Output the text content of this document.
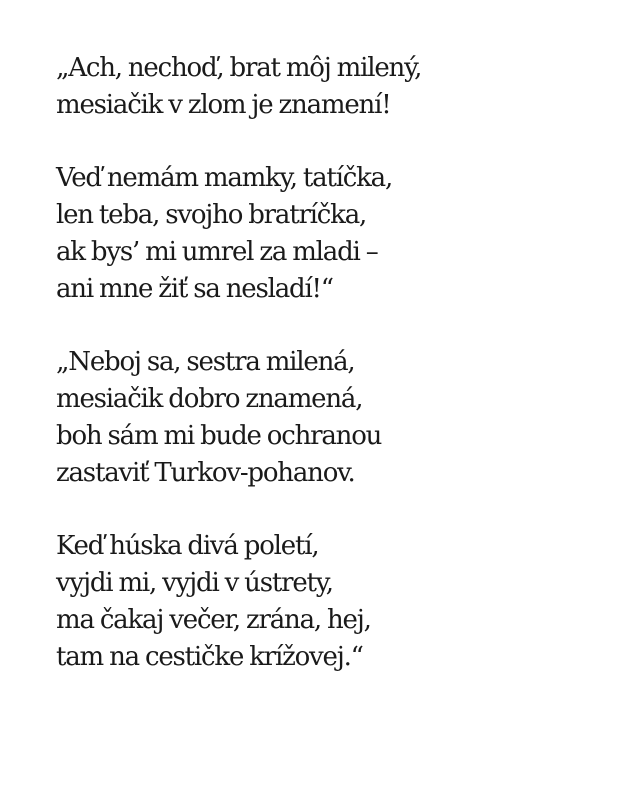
„Ach, nechoď, brat môj milený,
mesiačik v zlom je znamení!
Veď nemám mamky, tatíčka,
len teba, svojho bratríčka,
ak bys’ mi umrel za mladi –
ani mne žiť sa nesladí!“
„Neboj sa, sestra milená,
mesiačik dobro znamená,
boh sám mi bude ochranou
zastaviť Turkov-pohanov.
Keď húska divá poletí,
vyjdi mi, vyjdi v ústrety,
ma čakaj večer, zrána, hej,
tam na cestičke krížovej.“
